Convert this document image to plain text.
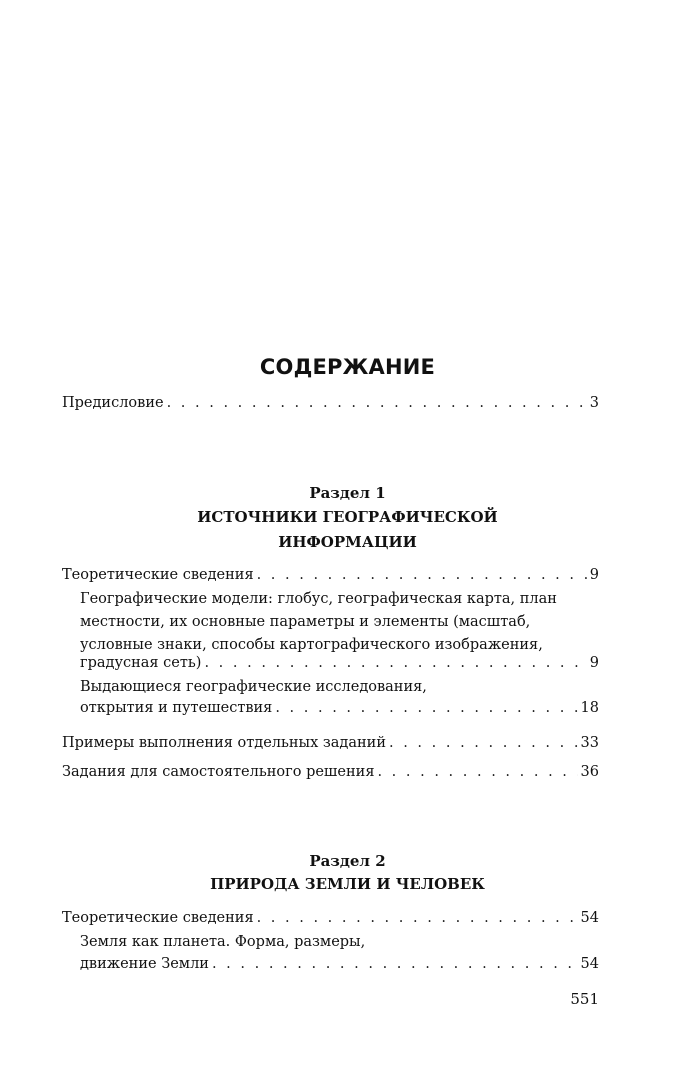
СОДЕРЖАНИЕ
Предисловие . . .	3
Раздел 1
ИСТОЧНИКИ ГЕОГРАФИЧЕСКОЙ
ИНФОРМАЦИИ
Теоретические сведения . . .	9
Географические модели: глобус, географическая карта, план
местности, их основные параметры и элементы (масштаб,
условные знаки, способы картографического изображения,
градусная сеть) . . .	9
Выдающиеся географические исследования,
открытия и путешествия . . .	18
Примеры выполнения отдельных заданий . . .	33
Задания для самостоятельного решения . . .	36
Раздел 2
ПРИРОДА ЗЕМЛИ И ЧЕЛОВЕК
Теоретические сведения . . .	54
Земля как планета. Форма, размеры,
движение Земли . . .	54
551
